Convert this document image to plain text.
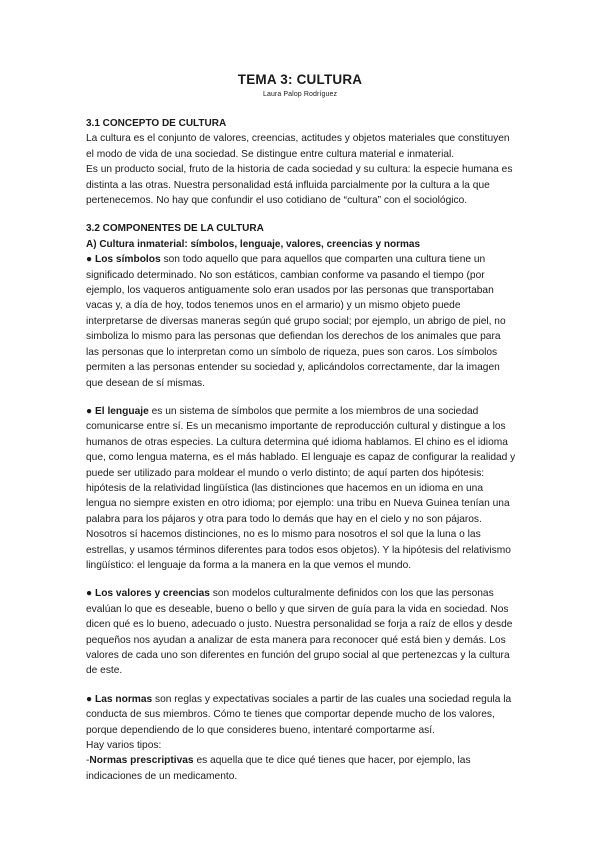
TEMA 3: CULTURA
Laura Palop Rodríguez

3.1 CONCEPTO DE CULTURA

La cultura es el conjunto de valores, creencias, actitudes y objetos materiales que constituyen el modo de vida de una sociedad. Se distingue entre cultura material e inmaterial.

Es un producto social, fruto de la historia de cada sociedad y su cultura: la especie humana es distinta a las otras. Nuestra personalidad está influida parcialmente por la cultura a la que pertenecemos. No hay que confundir el uso cotidiano de “cultura” con el sociológico.

3.2 COMPONENTES DE LA CULTURA

A) Cultura inmaterial: símbolos, lenguaje, valores, creencias y normas

● Los símbolos son todo aquello que para aquellos que comparten una cultura tiene un significado determinado. No son estáticos, cambian conforme va pasando el tiempo (por ejemplo, los vaqueros antiguamente solo eran usados por las personas que transportaban vacas y, a día de hoy, todos tenemos unos en el armario) y un mismo objeto puede interpretarse de diversas maneras según qué grupo social; por ejemplo, un abrigo de piel, no simboliza lo mismo para las personas que defiendan los derechos de los animales que para las personas que lo interpretan como un símbolo de riqueza, pues son caros. Los símbolos permiten a las personas entender su sociedad y, aplicándolos correctamente, dar la imagen que desean de sí mismas.

● El lenguaje es un sistema de símbolos que permite a los miembros de una sociedad comunicarse entre sí. Es un mecanismo importante de reproducción cultural y distingue a los humanos de otras especies. La cultura determina qué idioma hablamos. El chino es el idioma que, como lengua materna, es el más hablado. El lenguaje es capaz de configurar la realidad y puede ser utilizado para moldear el mundo o verlo distinto; de aquí parten dos hipótesis: hipótesis de la relatividad lingüística (las distinciones que hacemos en un idioma en una lengua no siempre existen en otro idioma; por ejemplo: una tribu en Nueva Guinea tenían una palabra para los pájaros y otra para todo lo demás que hay en el cielo y no son pájaros. Nosotros sí hacemos distinciones, no es lo mismo para nosotros el sol que la luna o las estrellas, y usamos términos diferentes para todos esos objetos). Y la hipótesis del relativismo lingüístico: el lenguaje da forma a la manera en la que vemos el mundo.

● Los valores y creencias son modelos culturalmente definidos con los que las personas evalúan lo que es deseable, bueno o bello y que sirven de guía para la vida en sociedad. Nos dicen qué es lo bueno, adecuado o justo. Nuestra personalidad se forja a raíz de ellos y desde pequeños nos ayudan a analizar de esta manera para reconocer qué está bien y demás. Los valores de cada uno son diferentes en función del grupo social al que pertenezcas y la cultura de este.

● Las normas son reglas y expectativas sociales a partir de las cuales una sociedad regula la conducta de sus miembros. Cómo te tienes que comportar depende mucho de los valores, porque dependiendo de lo que consideres bueno, intentaré comportarme así.

Hay varios tipos:

-Normas prescriptivas es aquella que te dice qué tienes que hacer, por ejemplo, las indicaciones de un medicamento.
